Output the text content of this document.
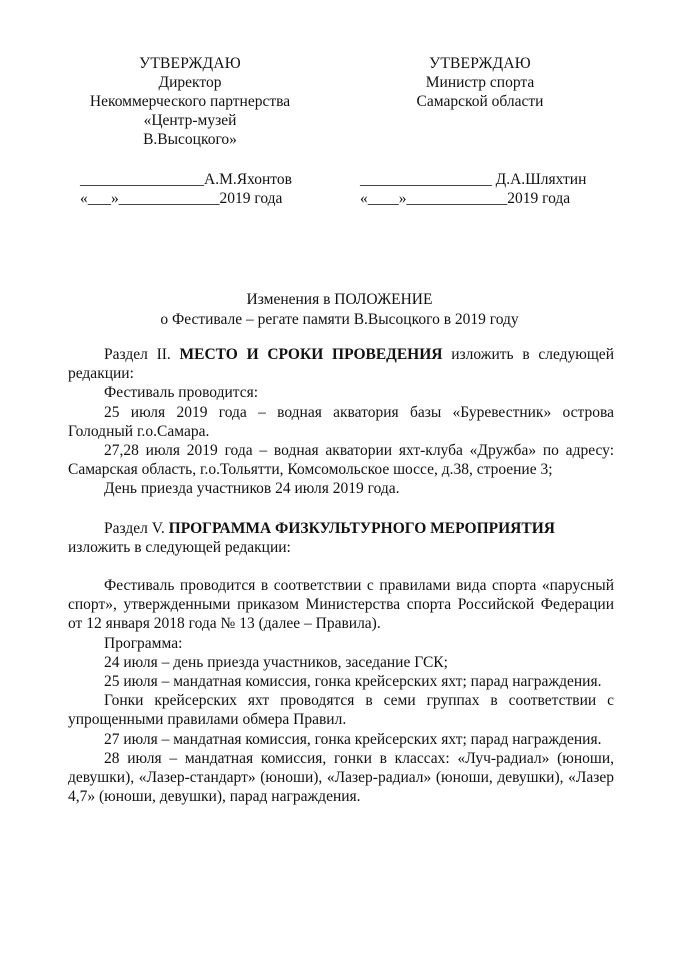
УТВЕРЖДАЮ
Директор
Некоммерческого партнерства
«Центр-музей
В.Высоцкого»
УТВЕРЖДАЮ
Министр спорта
Самарской области
________________А.М.Яхонтов
«___»_____________2019 года
_________________ Д.А.Шляхтин
«____»_____________2019 года
Изменения в ПОЛОЖЕНИЕ
о Фестивале – регате памяти В.Высоцкого в 2019 году

Раздел II. МЕСТО И СРОКИ ПРОВЕДЕНИЯ изложить в следующей редакции:

Фестиваль проводится:

25 июля 2019 года – водная акватория базы «Буревестник» острова Голодный г.о.Самара.

27,28 июля 2019 года – водная акватории яхт-клуба «Дружба» по адресу: Самарская область, г.о.Тольятти, Комсомольское шоссе, д.38, строение 3;

День приезда участников 24 июля 2019 года.

Раздел V. ПРОГРАММА ФИЗКУЛЬТУРНОГО МЕРОПРИЯТИЯ

изложить в следующей редакции:

Фестиваль проводится в соответствии с правилами вида спорта «парусный спорт», утвержденными приказом Министерства спорта Российской Федерации от 12 января 2018 года № 13 (далее – Правила).

Программа:

24 июля – день приезда участников, заседание ГСК;

25 июля – мандатная комиссия, гонка крейсерских яхт; парад награждения.

Гонки крейсерских яхт проводятся в семи группах в соответствии с упрощенными правилами обмера Правил.

27 июля – мандатная комиссия, гонка крейсерских яхт; парад награждения.

28 июля – мандатная комиссия, гонки в классах: «Луч-радиал» (юноши, девушки), «Лазер-стандарт» (юноши), «Лазер-радиал» (юноши, девушки), «Лазер 4,7» (юноши, девушки), парад награждения.
